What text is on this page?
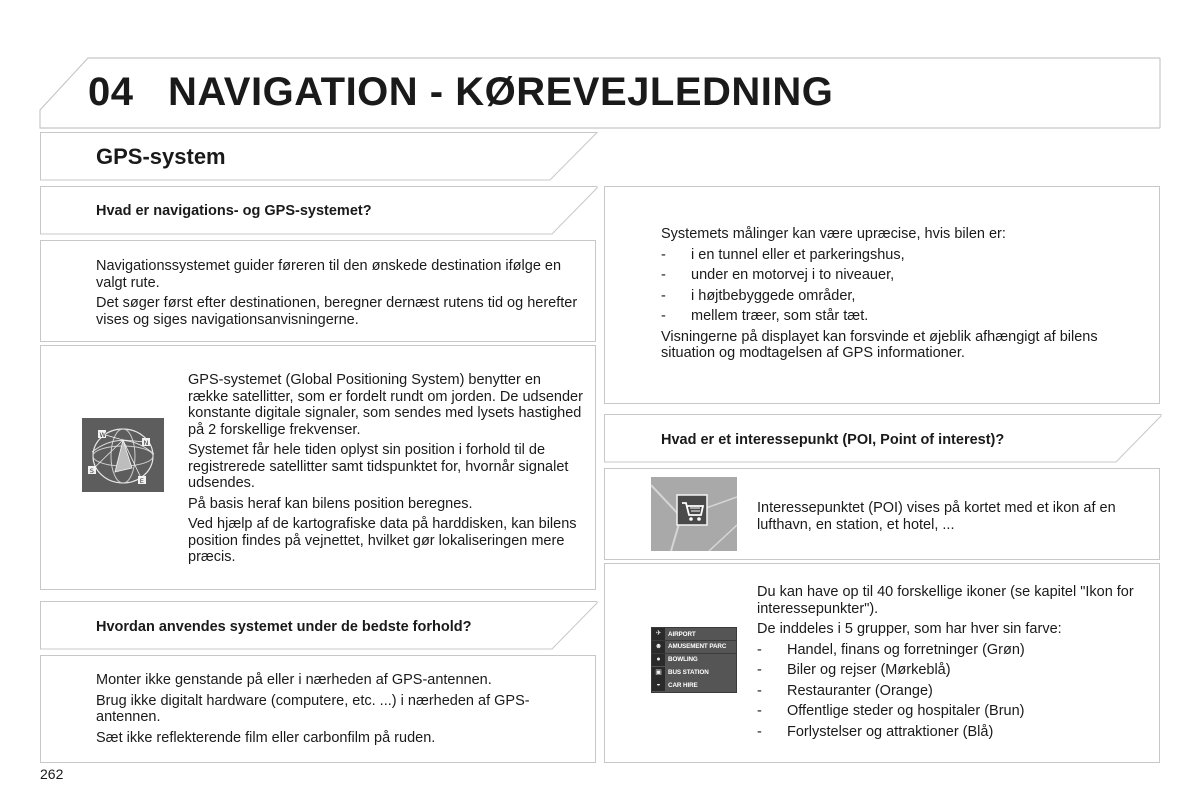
04 NAVIGATION - KØREVEJLEDNING
GPS-system
Hvad er navigations- og GPS-systemet?

Navigationssystemet guider føreren til den ønskede destination ifølge en valgt rute.

Det søger først efter destinationen, beregner dernæst rutens tid og herefter vises og siges navigationsanvisningerne.

W
N
S
E

GPS-systemet (Global Positioning System) benytter en række satellitter, som er fordelt rundt om jorden. De udsender konstante digitale signaler, som sendes med lysets hastighed på 2 forskellige frekvenser.

Systemet får hele tiden oplyst sin position i forhold til de registrerede satellitter samt tidspunktet for, hvornår signalet udsendes.

På basis heraf kan bilens position beregnes.

Ved hjælp af de kartografiske data på harddisken, kan bilens position findes på vejnettet, hvilket gør lokaliseringen mere præcis.

Hvordan anvendes systemet under de bedste forhold?

Monter ikke genstande på eller i nærheden af GPS-antennen.

Brug ikke digitalt hardware (computere, etc. ...) i nærheden af GPS-antennen.

Sæt ikke reflekterende film eller carbonfilm på ruden.

Systemets målinger kan være upræcise, hvis bilen er:

- i en tunnel eller et parkeringshus,
- under en motorvej i to niveauer,
- i højtbebyggede områder,
- mellem træer, som står tæt.

Visningerne på displayet kan forsvinde et øjeblik afhængigt af bilens situation og modtagelsen af GPS informationer.

Hvad er et interessepunkt (POI, Point of interest)?
Interessepunktet (POI) vises på kortet med et ikon af en lufthavn, en station, et hotel, ...
✈	AIRPORT
☻ AMUSEMENT PARC
●	BOWLING
▣ BUS STATION
◒	CAR HIRE

Du kan have op til 40 forskellige ikoner (se kapitel "Ikon for interessepunkter").

De inddeles i 5 grupper, som har hver sin farve:

- Handel, finans og forretninger (Grøn)
- Biler og rejser (Mørkeblå)
- Restauranter (Orange)
- Offentlige steder og hospitaler (Brun)
- Forlystelser og attraktioner (Blå)
262
